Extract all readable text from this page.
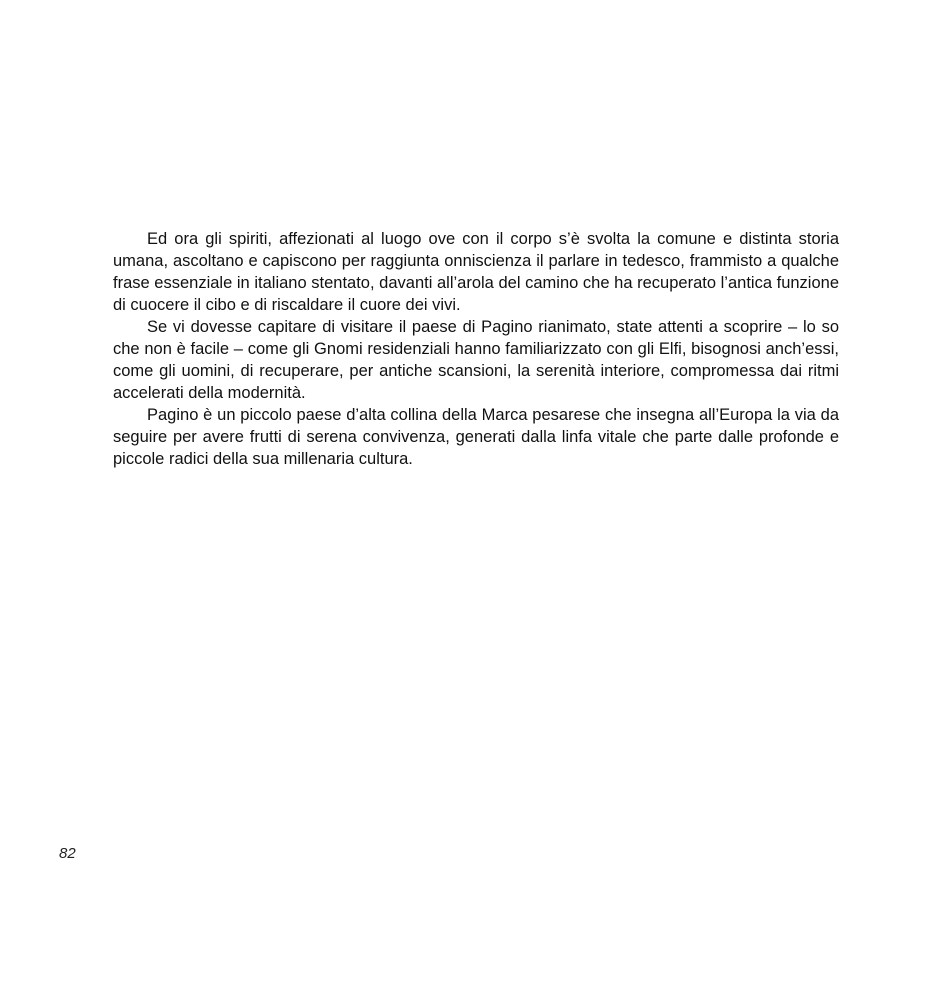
Ed ora gli spiriti, affezionati al luogo ove con il corpo s’è svolta la comune e distinta storia umana, ascoltano e capiscono per raggiunta onniscienza il parlare in tedesco, frammisto a qualche frase essenziale in italiano stentato, davanti all’arola del camino che ha recuperato l’antica funzione di cuocere il cibo e di riscaldare il cuore dei vivi.

Se vi dovesse capitare di visitare il paese di Pagino rianimato, state attenti a scoprire – lo so che non è facile – come gli Gnomi residenziali hanno familiarizzato con gli Elfi, bisognosi anch’essi, come gli uomini, di recuperare, per antiche scansioni, la serenità interiore, compromessa dai ritmi accelerati della modernità.

Pagino è un piccolo paese d’alta collina della Marca pesarese che insegna all’Europa la via da seguire per avere frutti di serena convivenza, generati dalla linfa vitale che parte dalle profonde e piccole radici della sua millenaria cultura.

82
